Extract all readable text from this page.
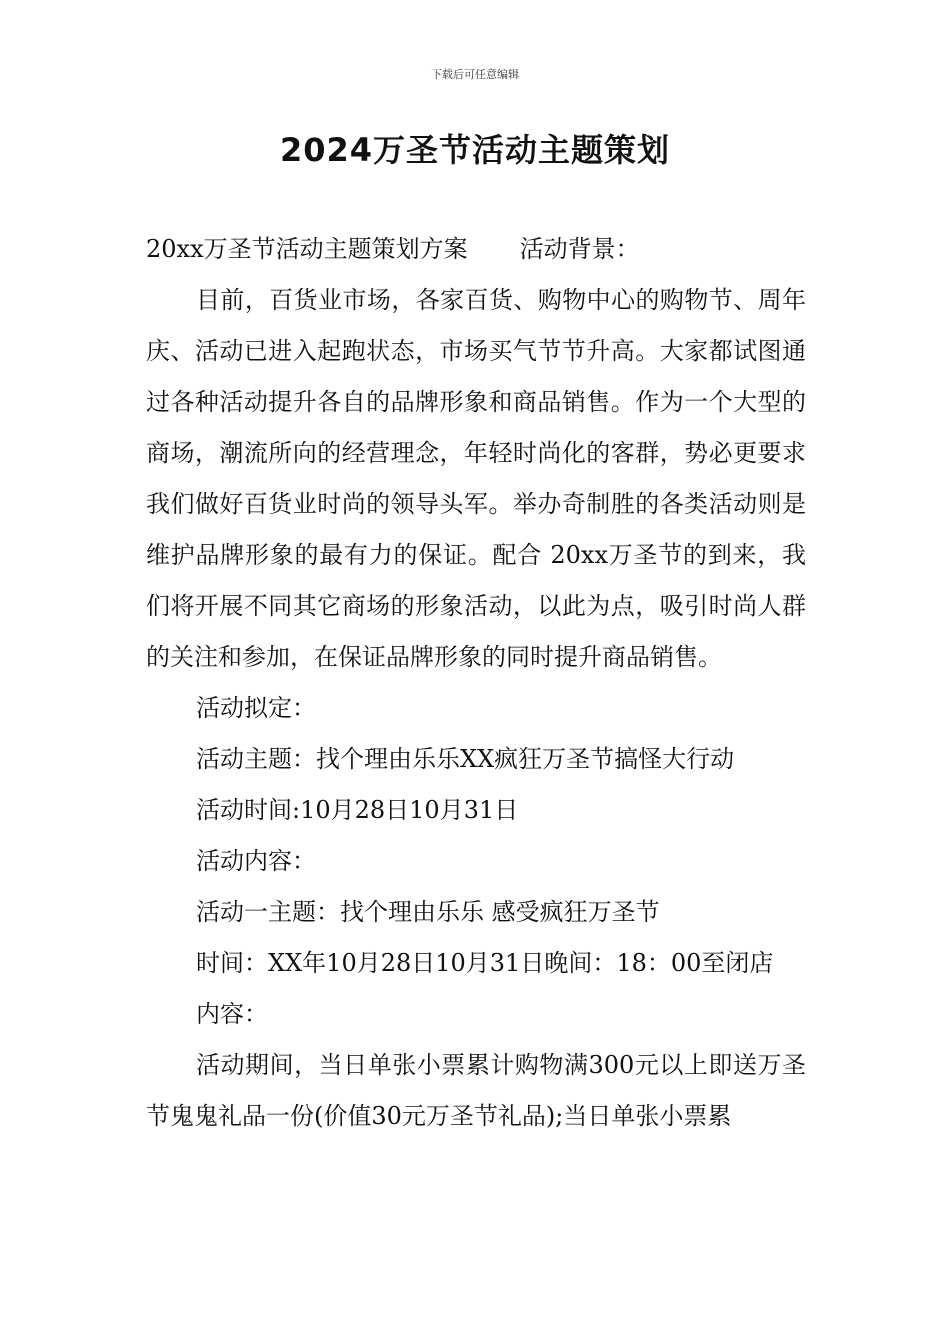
下载后可任意编辑
2024万圣节活动主题策划

20xx万圣节活动主题策划方案 活动背景：

目前，百货业市场，各家百货、购物中心的购物节、周年庆、活动已进入起跑状态，市场买气节节升高。大家都试图通过各种活动提升各自的品牌形象和商品销售。作为一个大型的商场，潮流所向的经营理念，年轻时尚化的客群，势必更要求我们做好百货业时尚的领导头军。举办奇制胜的各类活动则是维护品牌形象的最有力的保证。配合 20xx万圣节的到来，我们将开展不同其它商场的形象活动，以此为点，吸引时尚人群的关注和参加，在保证品牌形象的同时提升商品销售。

活动拟定：

活动主题：找个理由乐乐XX疯狂万圣节搞怪大行动

活动时间:10月28日10月31日

活动内容：

活动一主题：找个理由乐乐 感受疯狂万圣节

时间：XX年10月28日10月31日晚间：18：00至闭店

内容：

活动期间，当日单张小票累计购物满300元以上即送万圣节鬼鬼礼品一份(价值30元万圣节礼品);当日单张小票累
